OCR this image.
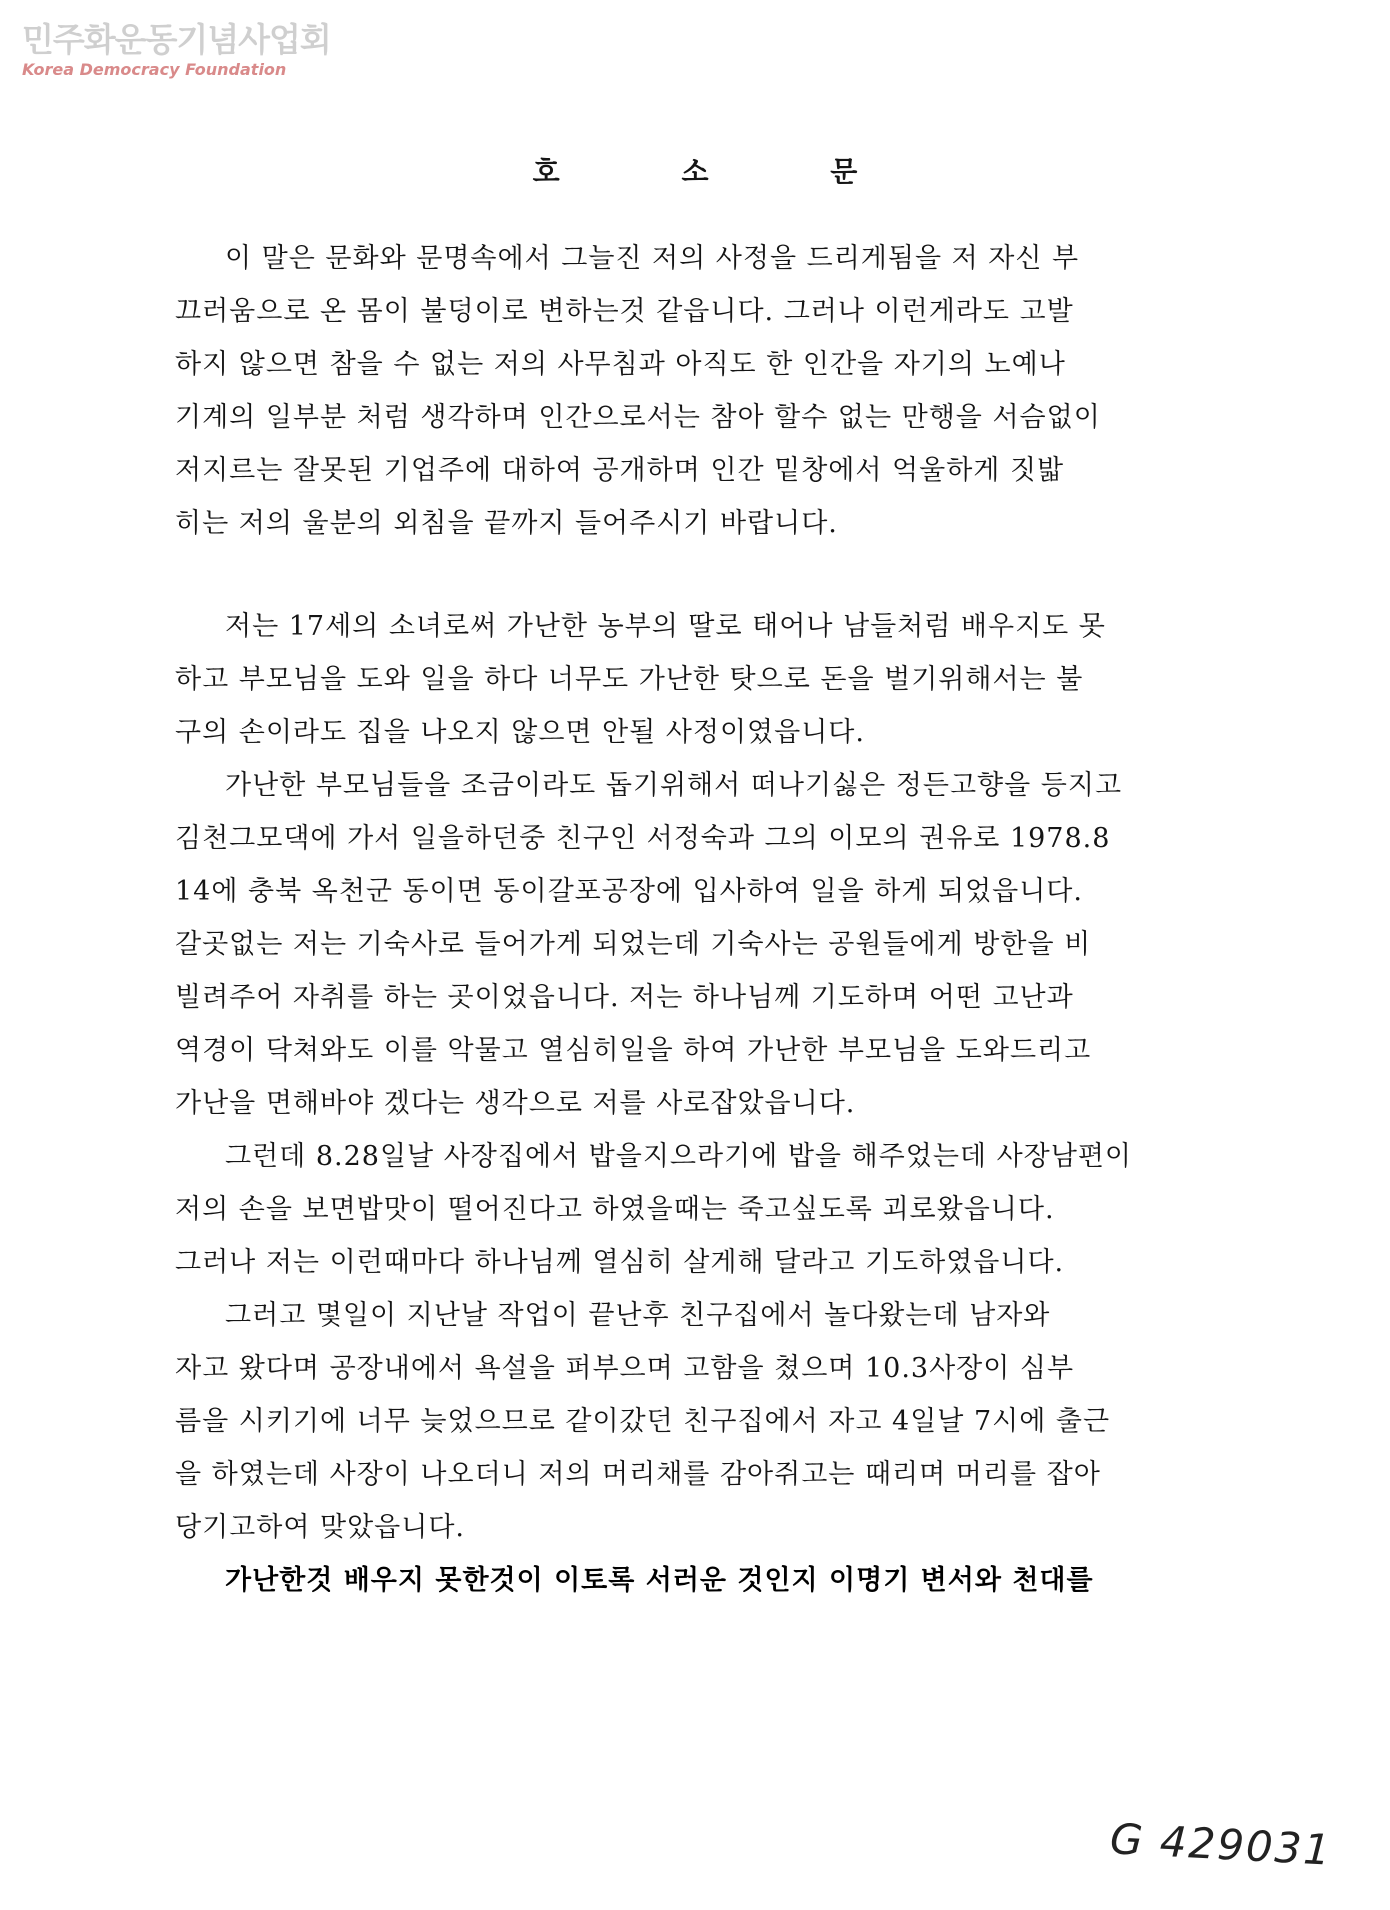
민주화운동기념사업회
Korea Democracy Foundation
호 소 문
이 말은 문화와 문명속에서 그늘진 저의 사정을 드리게됨을 저 자신 부
끄러움으로 온 몸이 불덩이로 변하는것 같읍니다. 그러나 이런게라도 고발
하지 않으면 참을 수 없는 저의 사무침과 아직도 한 인간을 자기의 노예나
기계의 일부분 처럼 생각하며 인간으로서는 참아 할수 없는 만행을 서슴없이
저지르는 잘못된 기업주에 대하여 공개하며 인간 밑창에서 억울하게 짓밟
히는 저의 울분의 외침을 끝까지 들어주시기 바랍니다.
저는 17세의 소녀로써 가난한 농부의 딸로 태어나 남들처럼 배우지도 못
하고 부모님을 도와 일을 하다 너무도 가난한 탓으로 돈을 벌기위해서는 불
구의 손이라도 집을 나오지 않으면 안될 사정이였읍니다.
가난한 부모님들을 조금이라도 돕기위해서 떠나기싫은 정든고향을 등지고
김천그모댁에 가서 일을하던중 친구인 서정숙과 그의 이모의 권유로 1978.8
14에 충북 옥천군 동이면 동이갈포공장에 입사하여 일을 하게 되었읍니다.
갈곳없는 저는 기숙사로 들어가게 되었는데 기숙사는 공원들에게 방한을 비
빌려주어 자취를 하는 곳이었읍니다. 저는 하나님께 기도하며 어떤 고난과
역경이 닥쳐와도 이를 악물고 열심히일을 하여 가난한 부모님을 도와드리고
가난을 면해바야 겠다는 생각으로 저를 사로잡았읍니다.
그런데 8.28일날 사장집에서 밥을지으라기에 밥을 해주었는데 사장남편이
저의 손을 보면밥맛이 떨어진다고 하였을때는 죽고싶도록 괴로왔읍니다.
그러나 저는 이런때마다 하나님께 열심히 살게해 달라고 기도하였읍니다.
그러고 몇일이 지난날 작업이 끝난후 친구집에서 놀다왔는데 남자와
자고 왔다며 공장내에서 욕설을 퍼부으며 고함을 쳤으며 10.3사장이 심부
름을 시키기에 너무 늦었으므로 같이갔던 친구집에서 자고 4일날 7시에 출근
을 하였는데 사장이 나오더니 저의 머리채를 감아쥐고는 때리며 머리를 잡아
당기고하여 맞았읍니다.
가난한것 배우지 못한것이 이토록 서러운 것인지 이명기 변서와 천대를
G 429031
